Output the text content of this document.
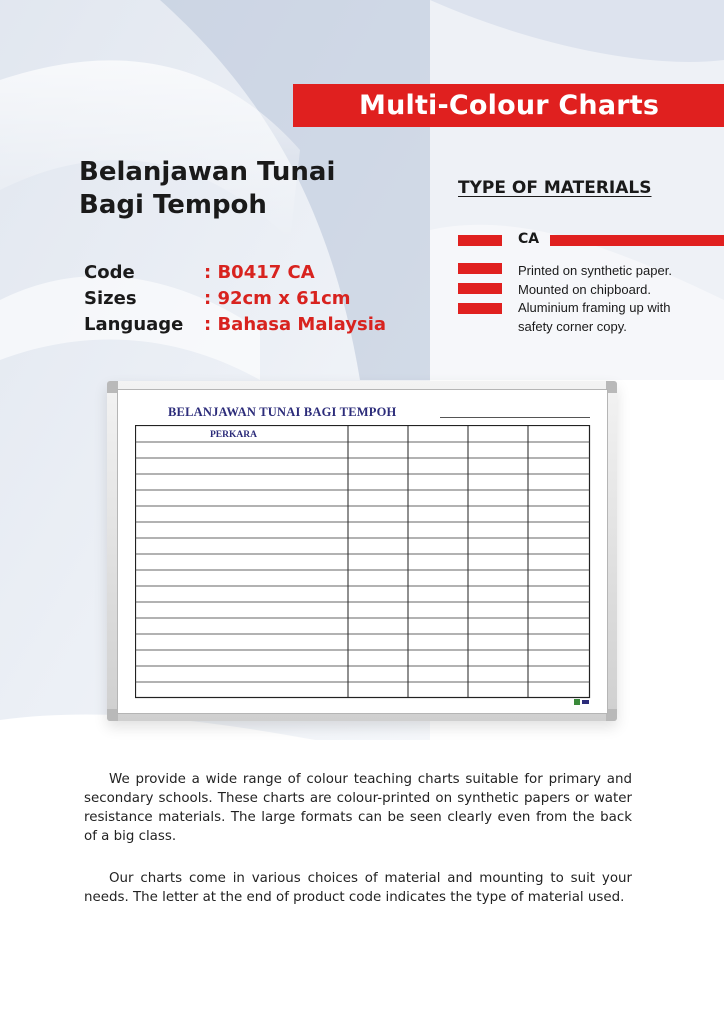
Multi-Colour Charts
Belanjawan Tunai
Bagi Tempoh
Code	: B0417 CA
Sizes	: 92cm x 61cm
Language	: Bahasa Malaysia
TYPE OF MATERIALS
CA
Printed on synthetic paper.
Mounted on chipboard.
Aluminium framing up with
safety corner copy.
BELANJAWAN TUNAI BAGI TEMPOH
PERKARA
We provide a wide range of colour teaching charts suitable for primary and secondary schools. These charts are colour-printed on synthetic papers or water resistance materials. The large formats can be seen clearly even from the back of a big class.
Our charts come in various choices of material and mounting to suit your needs. The letter at the end of product code indicates the type of material used.
